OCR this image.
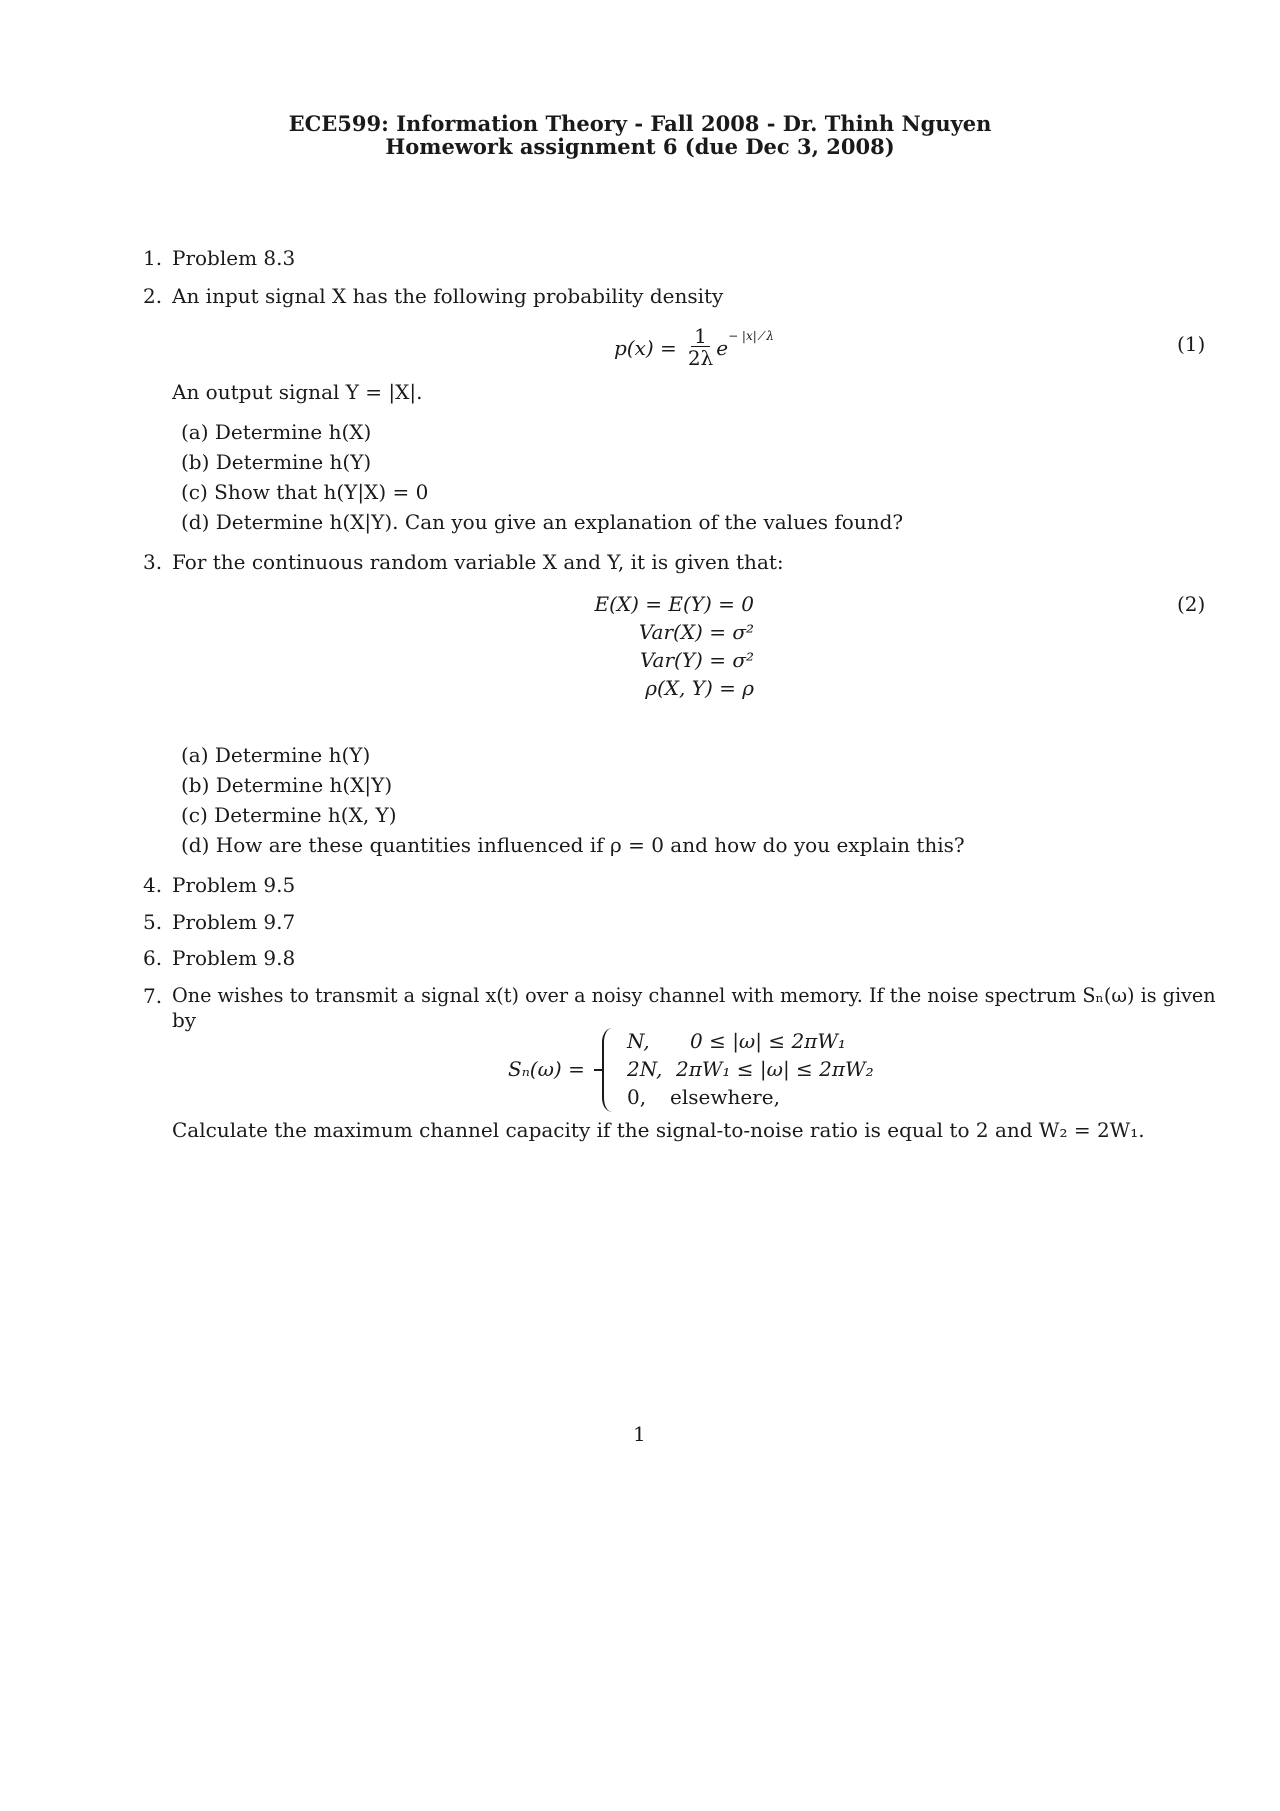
ECE599: Information Theory - Fall 2008 - Dr. Thinh Nguyen
Homework assignment 6 (due Dec 3, 2008)
1. Problem 8.3
2. An input signal X has the following probability density
$p(x) = \frac{1}{2\lambda}$ e − |x| ⁄ λ	(1)
An output signal Y = |X|.
(a) Determine h(X)
(b) Determine h(Y)
(c) Show that h(Y|X) = 0
(d) Determine h(X|Y). Can you give an explanation of the values found?
3. For the continuous random variable X and Y, it is given that:
E(X) = E(Y) = 0
Var(X) = σ²
Var(Y) = σ²
ρ(X, Y) = ρ
(2)
(a) Determine h(Y)
(b) Determine h(X|Y)
(c) Determine h(X, Y)
(d) How are these quantities influenced if ρ = 0 and how do you explain this?
4. Problem 9.5
5. Problem 9.7
6. Problem 9.8
7. One wishes to transmit a signal x(t) over a noisy channel with memory. If the noise spectrum Sₙ(ω) is given
by
Sₙ(ω) =
N, 0 ≤ |ω| ≤ 2πW₁
2N, 2πW₁ ≤ |ω| ≤ 2πW₂
0, elsewhere,
Calculate the maximum channel capacity if the signal-to-noise ratio is equal to 2 and W₂ = 2W₁.
1
